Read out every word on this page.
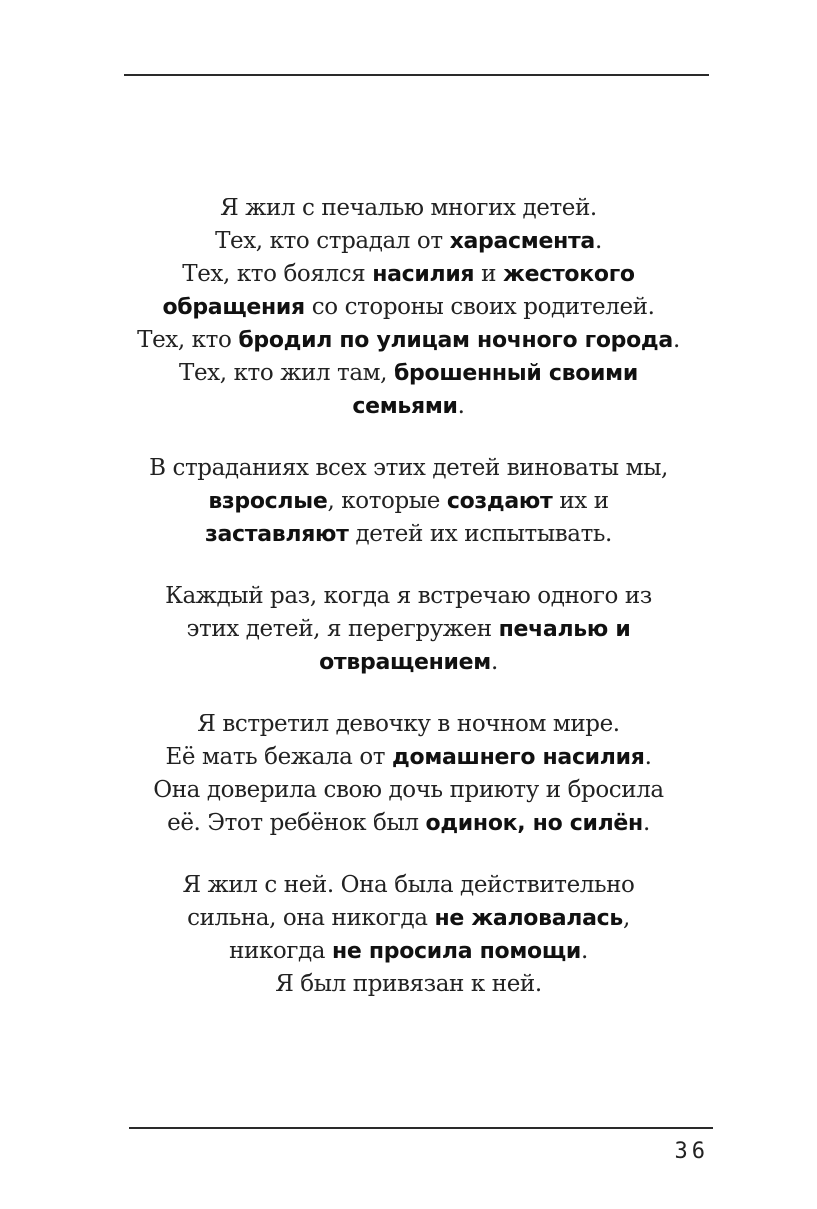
Я жил с печалью многих детей.
Тех, кто страдал от харасмента.
Тех, кто боялся насилия и жестокого
обращения со стороны своих родителей.
Тех, кто бродил по улицам ночного города.
Тех, кто жил там, брошенный своими
семьями.

В страданиях всех этих детей виноваты мы,
взрослые, которые создают их и
заставляют детей их испытывать.

Каждый раз, когда я встречаю одного из
этих детей, я перегружен печалью и
отвращением.

Я встретил девочку в ночном мире.
Её мать бежала от домашнего насилия.
Она доверила свою дочь приюту и бросила
её. Этот ребёнок был одинок, но силён.

Я жил с ней. Она была действительно
сильна, она никогда не жаловалась,
никогда не просила помощи.
Я был привязан к ней.

36
